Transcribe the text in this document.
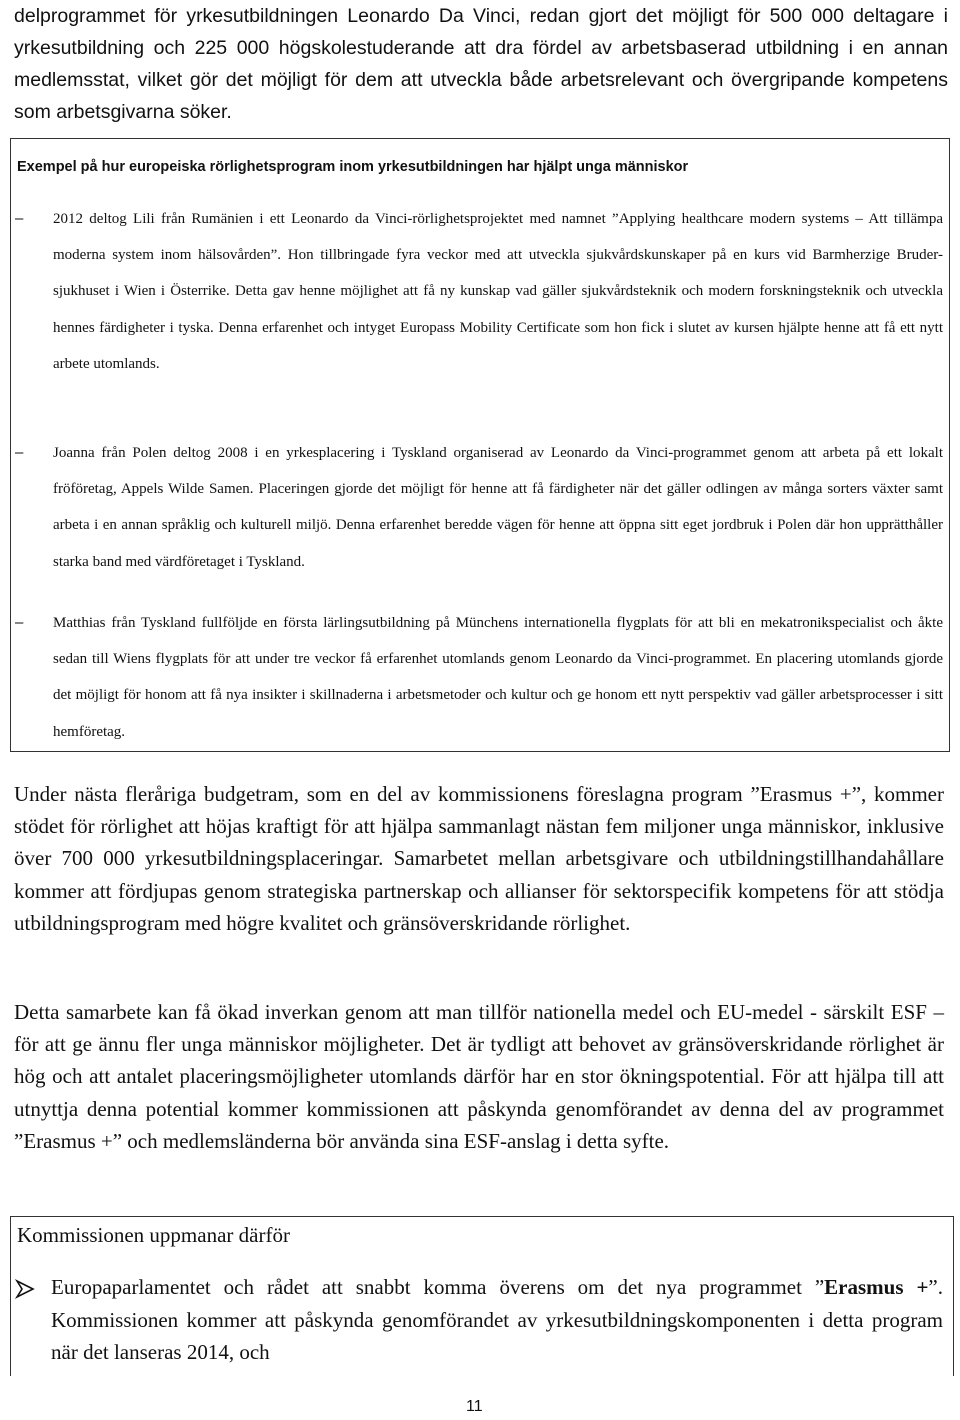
delprogrammet för yrkesutbildningen Leonardo Da Vinci, redan gjort det möjligt för 500 000 deltagare i yrkesutbildning och 225 000 högskolestuderande att dra fördel av arbetsbaserad utbildning i en annan medlemsstat, vilket gör det möjligt för dem att utveckla både arbetsrelevant och övergripande kompetens som arbetsgivarna söker.

Exempel på hur europeiska rörlighetsprogram inom yrkesutbildningen har hjälpt unga människor

–	2012 deltog Lili från Rumänien i ett Leonardo da Vinci-rörlighetsprojektet med namnet ”Applying healthcare modern systems – Att tillämpa moderna system inom hälsovården”. Hon tillbringade fyra veckor med att utveckla sjukvårdskunskaper på en kurs vid Barmherzige Bruder-sjukhuset i Wien i Österrike. Detta gav henne möjlighet att få ny kunskap vad gäller sjukvårdsteknik och modern forskningsteknik och utveckla hennes färdigheter i tyska. Denna erfarenhet och intyget Europass Mobility Certificate som hon fick i slutet av kursen hjälpte henne att få ett nytt arbete utomlands.

–	Joanna från Polen deltog 2008 i en yrkesplacering i Tyskland organiserad av Leonardo da Vinci-programmet genom att arbeta på ett lokalt fröföretag, Appels Wilde Samen. Placeringen gjorde det möjligt för henne att få färdigheter när det gäller odlingen av många sorters växter samt arbeta i en annan språklig och kulturell miljö. Denna erfarenhet beredde vägen för henne att öppna sitt eget jordbruk i Polen där hon upprätthåller starka band med värdföretaget i Tyskland.

–	Matthias från Tyskland fullföljde en första lärlingsutbildning på Münchens internationella flygplats för att bli en mekatronikspecialist och åkte sedan till Wiens flygplats för att under tre veckor få erfarenhet utomlands genom Leonardo da Vinci-programmet. En placering utomlands gjorde det möjligt för honom att få nya insikter i skillnaderna i arbetsmetoder och kultur och ge honom ett nytt perspektiv vad gäller arbetsprocesser i sitt hemföretag.

Under nästa fleråriga budgetram, som en del av kommissionens föreslagna program ”Erasmus +”, kommer stödet för rörlighet att höjas kraftigt för att hjälpa sammanlagt nästan fem miljoner unga människor, inklusive över 700 000 yrkesutbildningsplaceringar. Samarbetet mellan arbetsgivare och utbildningstillhandahållare kommer att fördjupas genom strategiska partnerskap och allianser för sektorspecifik kompetens för att stödja utbildningsprogram med högre kvalitet och gränsöverskridande rörlighet.

Detta samarbete kan få ökad inverkan genom att man tillför nationella medel och EU-medel - särskilt ESF – för att ge ännu fler unga människor möjligheter. Det är tydligt att behovet av gränsöverskridande rörlighet är hög och att antalet placeringsmöjligheter utomlands därför har en stor ökningspotential. För att hjälpa till att utnyttja denna potential kommer kommissionen att påskynda genomförandet av denna del av programmet ”Erasmus +” och medlemsländerna bör använda sina ESF-anslag i detta syfte.

Kommissionen uppmanar därför

Europaparlamentet och rådet att snabbt komma överens om det nya programmet ”Erasmus +”. Kommissionen kommer att påskynda genomförandet av yrkesutbildningskomponenten i detta program när det lanseras 2014, och

11
